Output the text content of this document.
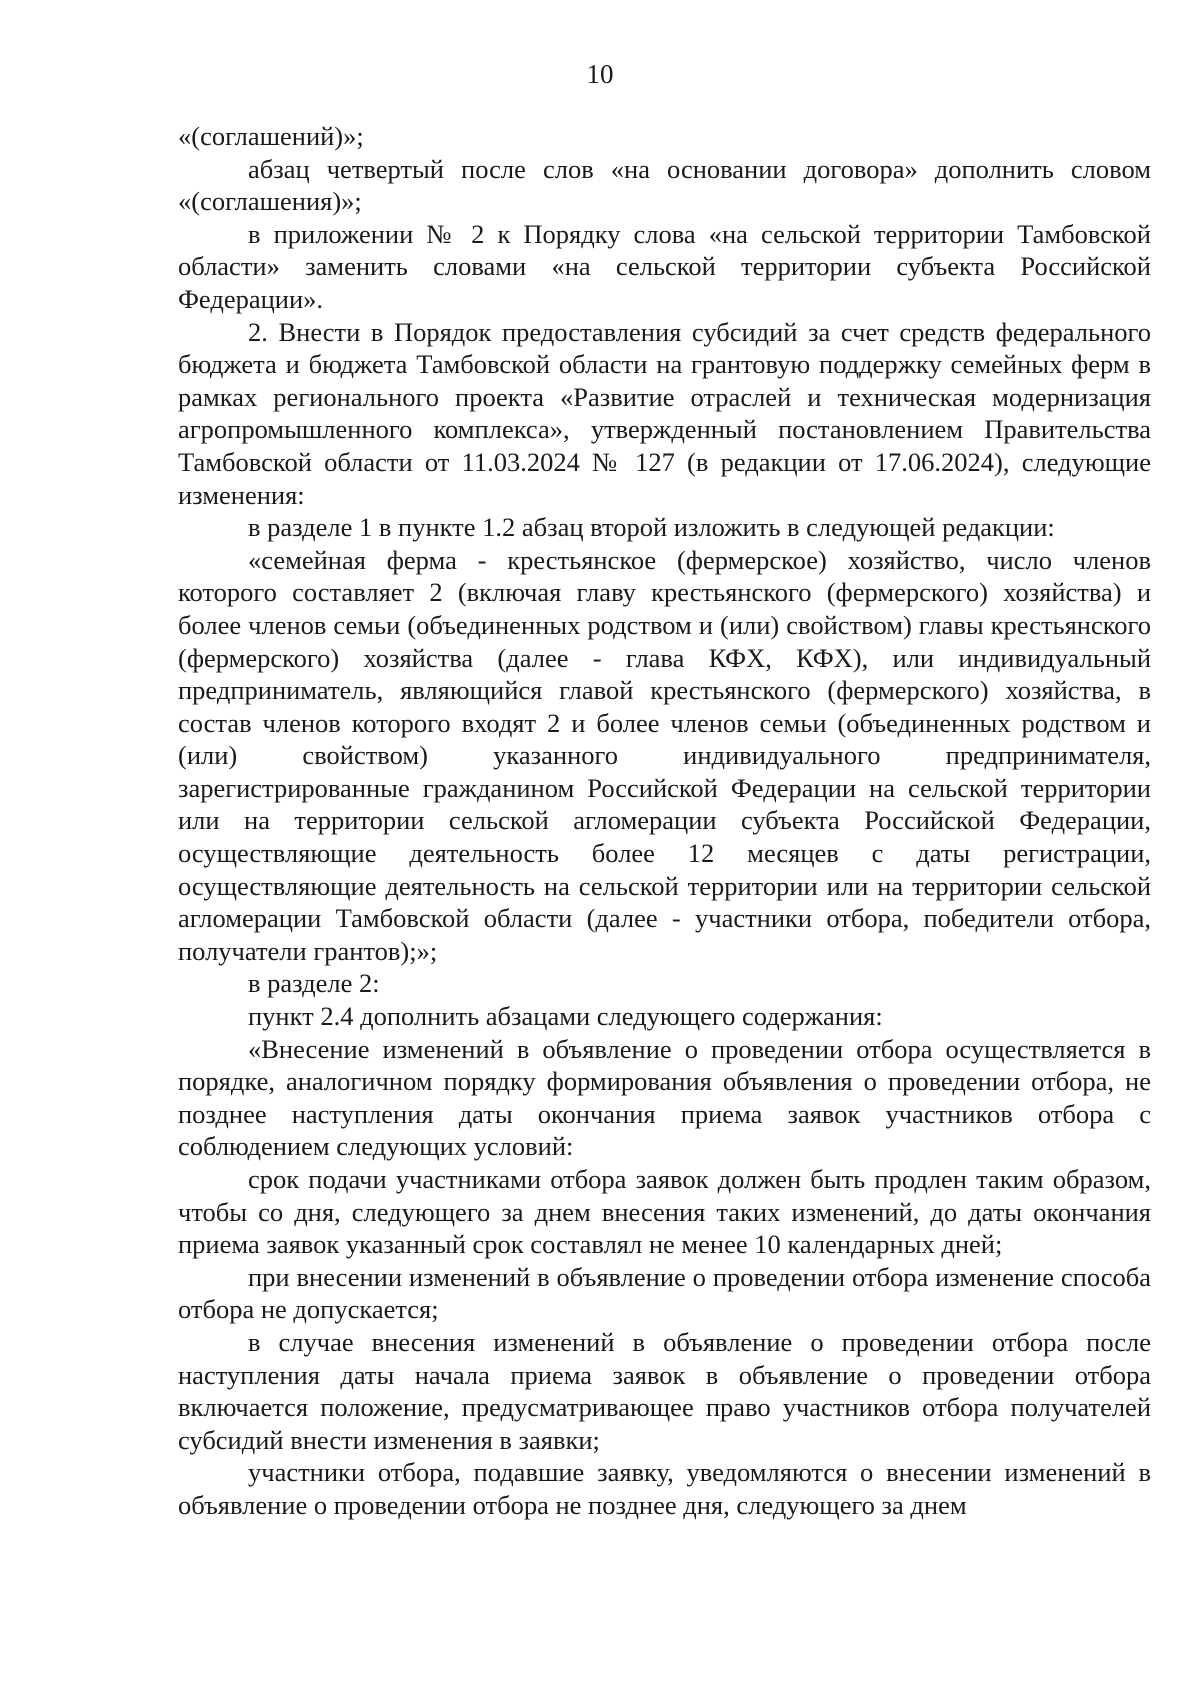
10

«(соглашений)»;

абзац четвертый после слов «на основании договора» дополнить словом «(соглашения)»;

в приложении № 2 к Порядку слова «на сельской территории Тамбовской области» заменить словами «на сельской территории субъекта Российской Федерации».

2. Внести в Порядок предоставления субсидий за счет средств федерального бюджета и бюджета Тамбовской области на грантовую поддержку семейных ферм в рамках регионального проекта «Развитие отраслей и техническая модернизация агропромышленного комплекса», утвержденный постановлением Правительства Тамбовской области от 11.03.2024 № 127 (в редакции от 17.06.2024), следующие изменения:

в разделе 1 в пункте 1.2 абзац второй изложить в следующей редакции:

«семейная ферма - крестьянское (фермерское) хозяйство, число членов которого составляет 2 (включая главу крестьянского (фермерского) хозяйства) и более членов семьи (объединенных родством и (или) свойством) главы крестьянского (фермерского) хозяйства (далее - глава КФХ, КФХ), или индивидуальный предприниматель, являющийся главой крестьянского (фермерского) хозяйства, в состав членов которого входят 2 и более членов семьи (объединенных родством и (или) свойством) указанного индивидуального предпринимателя, зарегистрированные гражданином Российской Федерации на сельской территории или на территории сельской агломерации субъекта Российской Федерации, осуществляющие деятельность более 12 месяцев с даты регистрации, осуществляющие деятельность на сельской территории или на территории сельской агломерации Тамбовской области (далее - участники отбора, победители отбора, получатели грантов);»;

в разделе 2:

пункт 2.4 дополнить абзацами следующего содержания:

«Внесение изменений в объявление о проведении отбора осуществляется в порядке, аналогичном порядку формирования объявления о проведении отбора, не позднее наступления даты окончания приема заявок участников отбора с соблюдением следующих условий:

срок подачи участниками отбора заявок должен быть продлен таким образом, чтобы со дня, следующего за днем внесения таких изменений, до даты окончания приема заявок указанный срок составлял не менее 10 календарных дней;

при внесении изменений в объявление о проведении отбора изменение способа отбора не допускается;

в случае внесения изменений в объявление о проведении отбора после наступления даты начала приема заявок в объявление о проведении отбора включается положение, предусматривающее право участников отбора получателей субсидий внести изменения в заявки;

участники отбора, подавшие заявку, уведомляются о внесении изменений в объявление о проведении отбора не позднее дня, следующего за днем
